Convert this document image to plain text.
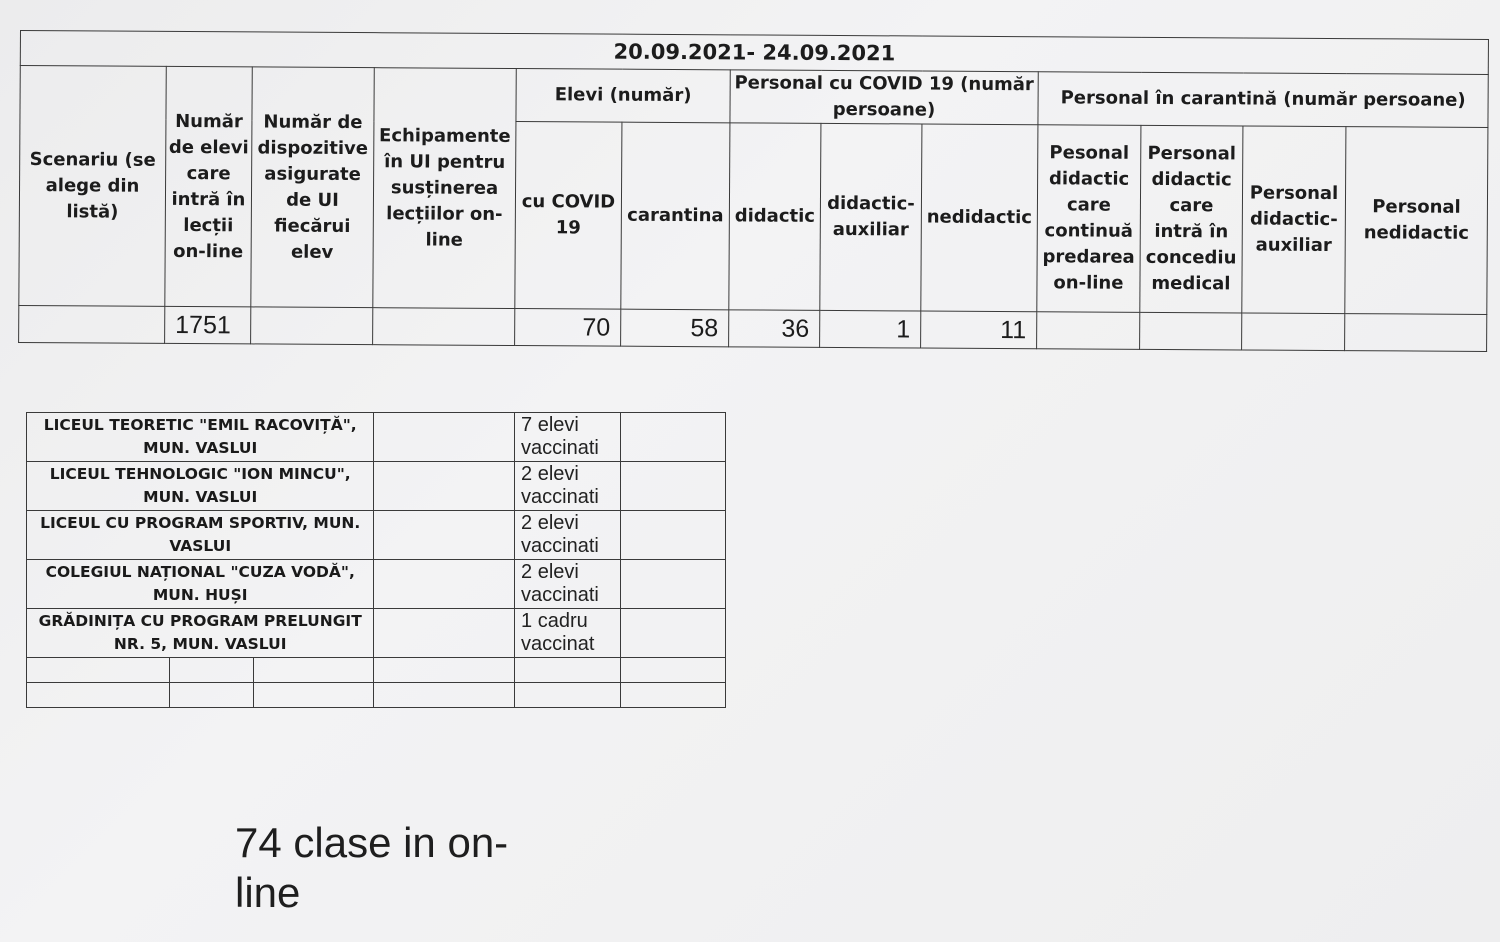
20.09.2021- 24.09.2021												
Scenariu (se alege din listă)	Număr de elevi care intră în lecții on-line	Număr de dispozitive asigurate de UI fiecărui elev	Echipamente în UI pentru susținerea lecțiilor on-line	Elevi (număr)		Personal cu COVID 19 (număr persoane)			Personal în carantină (număr persoane)			
				cu COVID 19	carantina	didactic	didactic-auxiliar	nedidactic	Pesonal didactic care continuă predarea on-line	Personal didactic care intră în concediu medical	Personal didactic-auxiliar	Personal nedidactic
	1751			70	58	36	1	11				
LICEUL TEORETIC "EMIL RACOVIȚĂ", MUN. VASLUI				7 elevi vaccinati	
LICEUL TEHNOLOGIC "ION MINCU", MUN. VASLUI				2 elevi vaccinati	
LICEUL CU PROGRAM SPORTIV, MUN. VASLUI				2 elevi vaccinati	
COLEGIUL NAȚIONAL "CUZA VODĂ", MUN. HUȘI				2 elevi vaccinati	
GRĂDINIȚA CU PROGRAM PRELUNGIT NR. 5, MUN. VASLUI				1 cadru vaccinat	

74 clase in on-line
